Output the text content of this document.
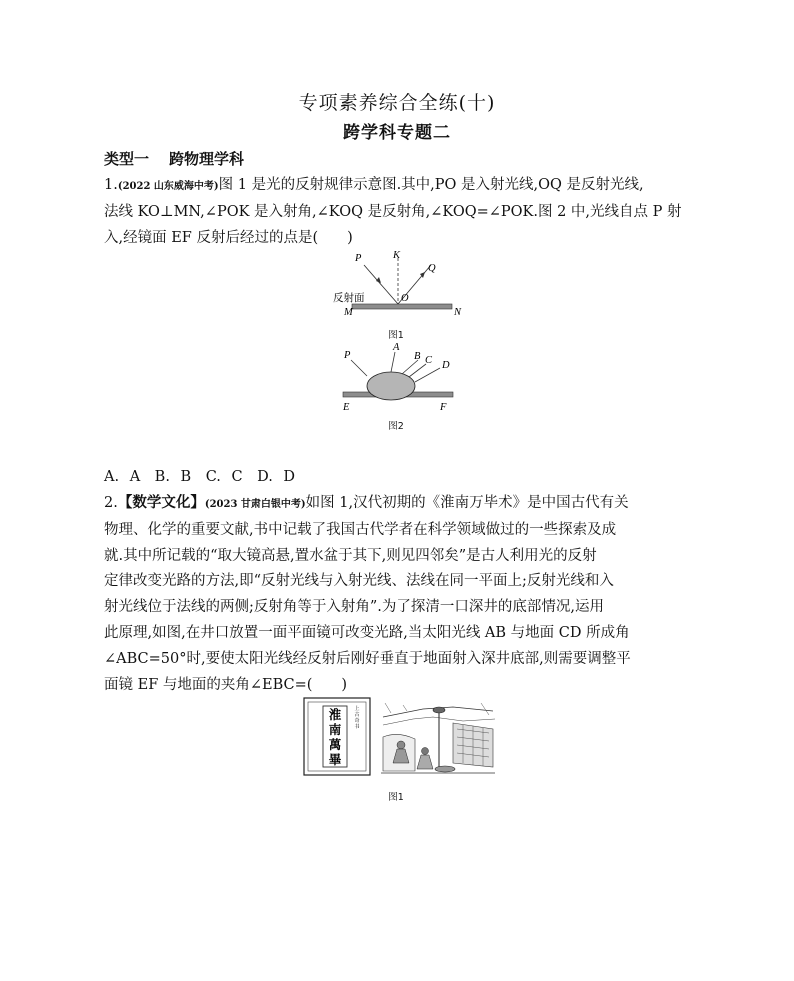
专项素养综合全练(十)
跨学科专题二
类型一 跨物理学科
1.(2022 山东威海中考)图 1 是光的反射规律示意图.其中,PO 是入射光线,OQ 是反射光线,
法线 KO⊥MN,∠POK 是入射角,∠KOQ 是反射角,∠KOQ=∠POK.图 2 中,光线自点 P 射
入,经镜面 EF 反射后经过的点是(　　)
P	K
Q
O
M	N
反射面
图1
P
A
B C D
E	F
图2
A. A　B. B　C. C　D. D
2.【数学文化】(2023 甘肃白银中考)如图 1,汉代初期的《淮南万毕术》是中国古代有关
物理、化学的重要文献,书中记载了我国古代学者在科学领域做过的一些探索及成
就.其中所记载的“取大镜高悬,置水盆于其下,则见四邻矣”是古人利用光的反射
定律改变光路的方法,即“反射光线与入射光线、法线在同一平面上;反射光线和入
射光线位于法线的两侧;反射角等于入射角”.为了探清一口深井的底部情况,运用
此原理,如图,在井口放置一面平面镜可改变光路,当太阳光线 AB 与地面 CD 所成角
∠ABC=50°时,要使太阳光线经反射后刚好垂直于地面射入深井底部,则需要调整平
面镜 EF 与地面的夹角∠EBC=(　　)
淮
南
萬
畢
上
古
奇
书
图1
